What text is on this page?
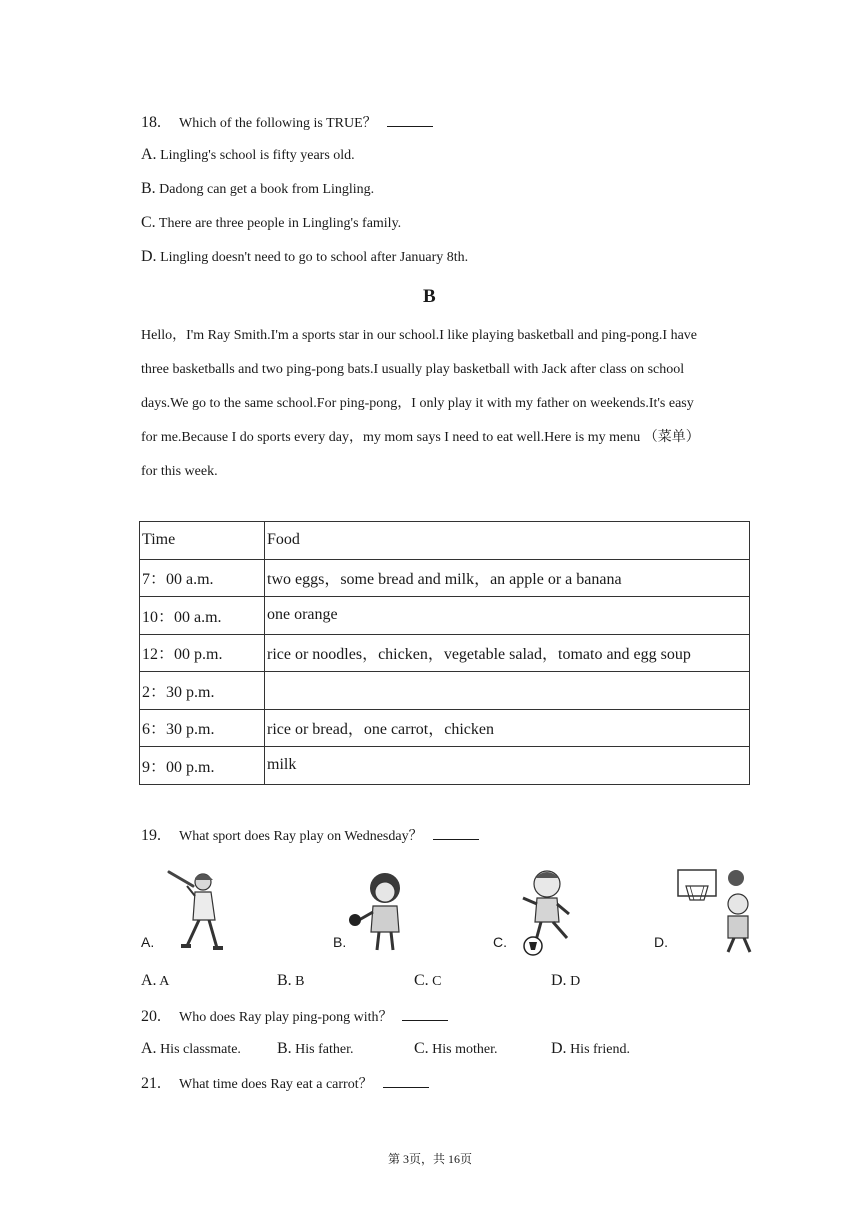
18. Which of the following is TRUE？
A. Lingling's school is fifty years old.
B. Dadong can get a book from Lingling.
C. There are three people in Lingling's family.
D. Lingling doesn't need to go to school after January 8th.
B
Hello，I'm Ray Smith.I'm a sports star in our school.I like playing basketball and ping-pong.I have
three basketballs and two ping-pong bats.I usually play basketball with Jack after class on school
days.We go to the same school.For ping-pong，I only play it with my father on weekends.It's easy
for me.Because I do sports every day，my mom says I need to eat well.Here is my menu （菜单）
for this week.
Time	Food
7：00 a.m.	two eggs，some bread and milk，an apple or a banana
10：00 a.m.	one orange
12：00 p.m.	rice or noodles，chicken，vegetable salad，tomato and egg soup
2：30 p.m.	
6：30 p.m.	rice or bread，one carrot，chicken
9：00 p.m.	milk
19. What sport does Ray play on Wednesday？
A.	B.	C.	D.
A. A	B. B	C. C	D. D
20. Who does Ray play ping-pong with？
A. His classmate. B. His father.	C. His mother.	D. His friend.
21. What time does Ray eat a carrot？
第 3页，共 16页
